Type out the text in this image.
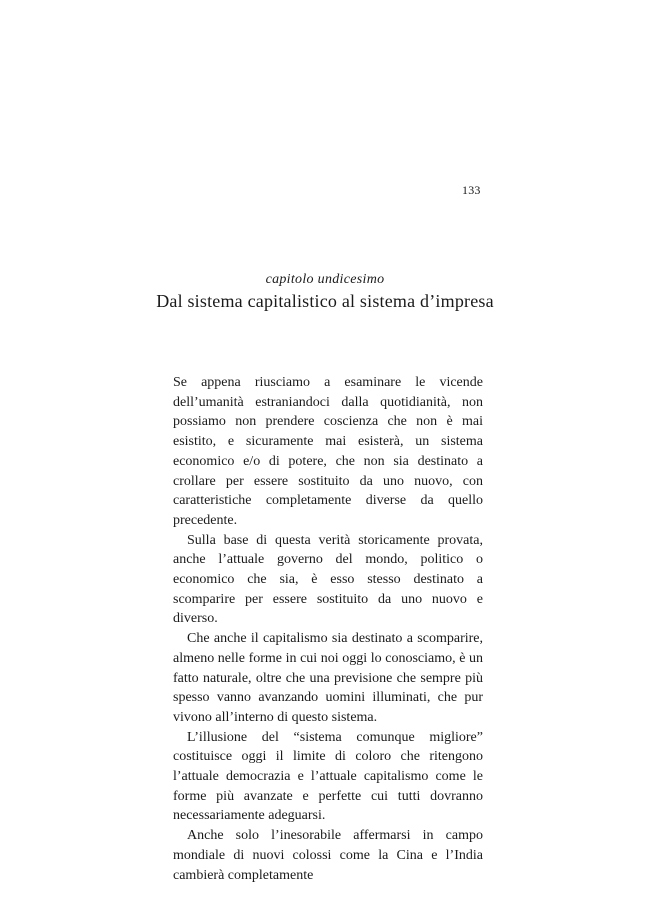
133
capitolo undicesimo
Dal sistema capitalistico al sistema d’impresa

Se appena riusciamo a esaminare le vicende dell’umanità estraniandoci dalla quotidianità, non possiamo non prendere coscienza che non è mai esistito, e sicuramente mai esisterà, un sistema economico e/o di potere, che non sia destinato a crollare per essere sostituito da uno nuovo, con caratteristiche completamente diverse da quello precedente.

Sulla base di questa verità storicamente provata, anche l’attuale governo del mondo, politico o economico che sia, è esso stesso destinato a scomparire per essere sostituito da uno nuovo e diverso.

Che anche il capitalismo sia destinato a scomparire, almeno nelle forme in cui noi oggi lo conosciamo, è un fatto naturale, oltre che una previsione che sempre più spesso vanno avanzando uomini illuminati, che pur vivono all’interno di questo sistema.

L’illusione del “sistema comunque migliore” costituisce oggi il limite di coloro che ritengono l’attuale democrazia e l’attuale capitalismo come le forme più avanzate e perfette cui tutti dovranno necessariamente adeguarsi.

Anche solo l’inesorabile affermarsi in campo mondiale di nuovi colossi come la Cina e l’India cambierà completamente
